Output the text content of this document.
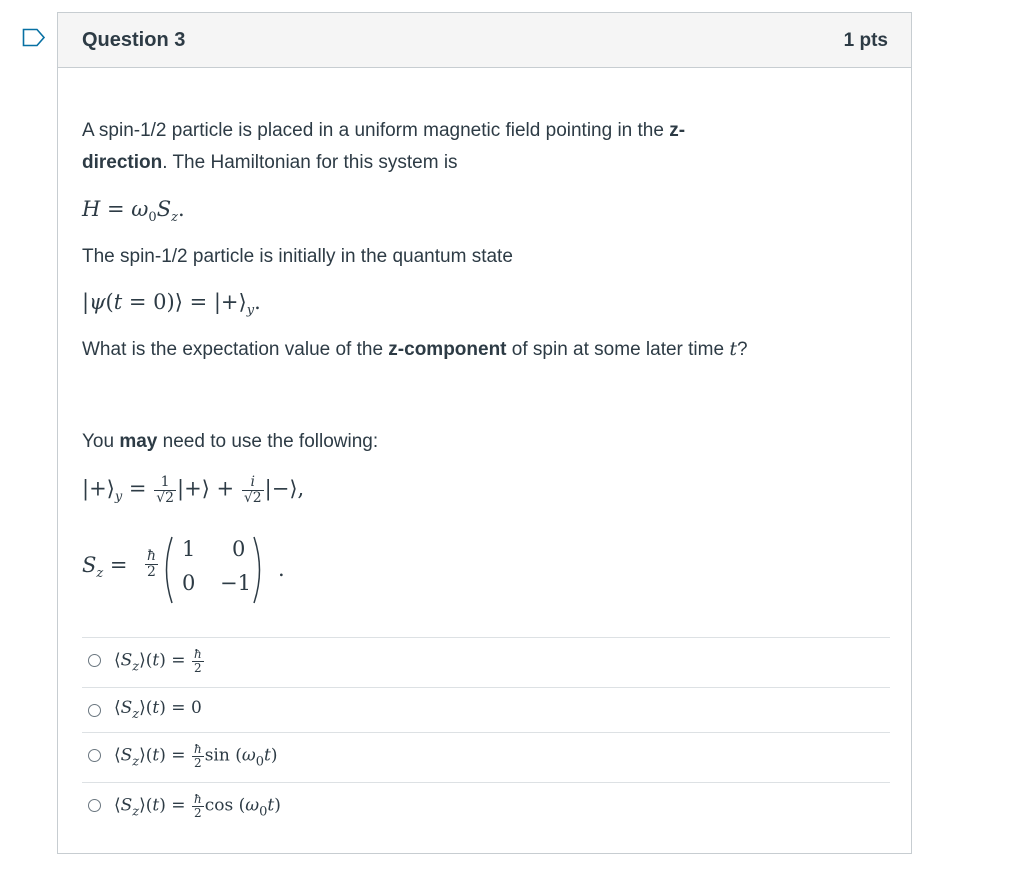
Question 3	1 pts
A spin-1/2 particle is placed in a uniform magnetic field pointing in the z-
direction. The Hamiltonian for this system is
$H = \omega_0S_z$.
The spin-1/2 particle is initially in the quantum state
|ψ(t = 0)⟩ = $|+⟩_y$.
What is the expectation value of the z-component of spin at some later time t?
You may need to use the following:
$|+⟩_y = \frac{1}{√2}$ |+⟩ + $\frac{i}{√2}$ |−⟩,
$S_z = \frac{ħ}{2} 1$ 0
0 −1
.
$⟨S_z⟩(t) = \frac{ħ}{2}$
$⟨S_z⟩(t) = 0$
$⟨S_z⟩(t) = \frac{ħ}{2}$ $\sin (\omega_0t)$
$⟨S_z⟩(t) = \frac{ħ}{2}$ $\cos (\omega_0t)$
